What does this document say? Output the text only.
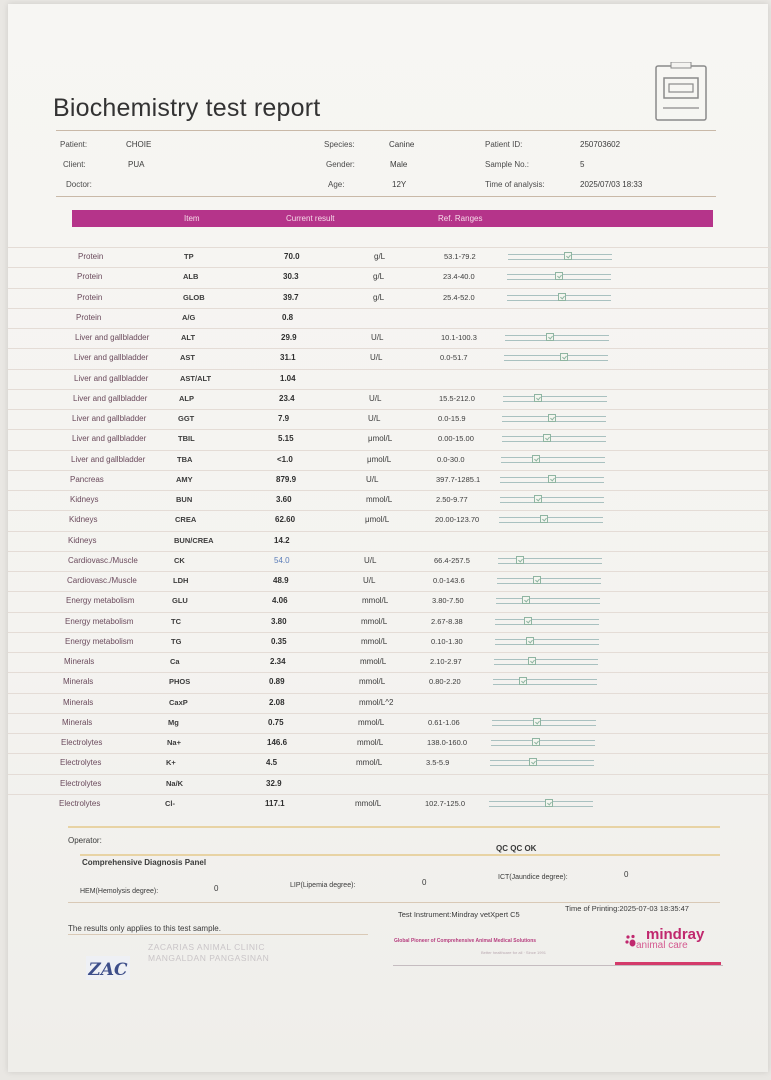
Biochemistry test report
Patient:	CHOIE
Client:	PUA
Doctor:
Species:	Canine
Gender:	Male
Age:	12Y
Patient ID:	250703602
Sample No.:	5
Time of analysis:	2025/07/03 18:33
Item	Current result	Ref. Ranges
Protein	TP	70.0	g/L	53.1-79.2
Protein	ALB	30.3	g/L	23.4-40.0
Protein	GLOB	39.7	g/L	25.4-52.0
Protein	A/G	0.8
Liver and gallbladder	ALT	29.9	U/L	10.1-100.3
Liver and gallbladder	AST	31.1	U/L	0.0-51.7
Liver and gallbladder	AST/ALT	1.04
Liver and gallbladder	ALP	23.4	U/L	15.5-212.0
Liver and gallbladder	GGT	7.9	U/L	0.0-15.9
Liver and gallbladder	TBIL	5.15	μmol/L	0.00-15.00
Liver and gallbladder	TBA	<1.0	μmol/L	0.0-30.0
Pancreas	AMY	879.9	U/L	397.7-1285.1
Kidneys	BUN	3.60	mmol/L	2.50-9.77
Kidneys	CREA	62.60	μmol/L	20.00-123.70
Kidneys	BUN/CREA	14.2
Cardiovasc./Muscle	CK	54.0	U/L	66.4-257.5
Cardiovasc./Muscle	LDH	48.9	U/L	0.0-143.6
Energy metabolism	GLU	4.06	mmol/L	3.80-7.50
Energy metabolism	TC	3.80	mmol/L	2.67-8.38
Energy metabolism	TG	0.35	mmol/L	0.10-1.30
Minerals	Ca	2.34	mmol/L	2.10-2.97
Minerals	PHOS	0.89	mmol/L	0.80-2.20
Minerals	CaxP	2.08	mmol/L^2
Minerals	Mg	0.75	mmol/L	0.61-1.06
Electrolytes	Na+	146.6	mmol/L	138.0-160.0
Electrolytes	K+	4.5	mmol/L	3.5-5.9
Electrolytes	Na/K	32.9
Electrolytes	Cl-	117.1	mmol/L	102.7-125.0
Operator:
QC QC OK
Comprehensive Diagnosis Panel
HEM(Hemolysis degree):	0	LIP(Lipemia degree):	0
ICT(Jaundice degree):	0
The results only applies to this test sample.
Test Instrument:Mindray vetXpert C5
Time of Printing:2025-07-03 18:35:47
ZAC
ZACARIAS ANIMAL CLINIC
MANGALDAN PANGASINAN
Global Pioneer of Comprehensive Animal Medical Solutions
Better healthcare for all · Since 1991
mindray
animal care
